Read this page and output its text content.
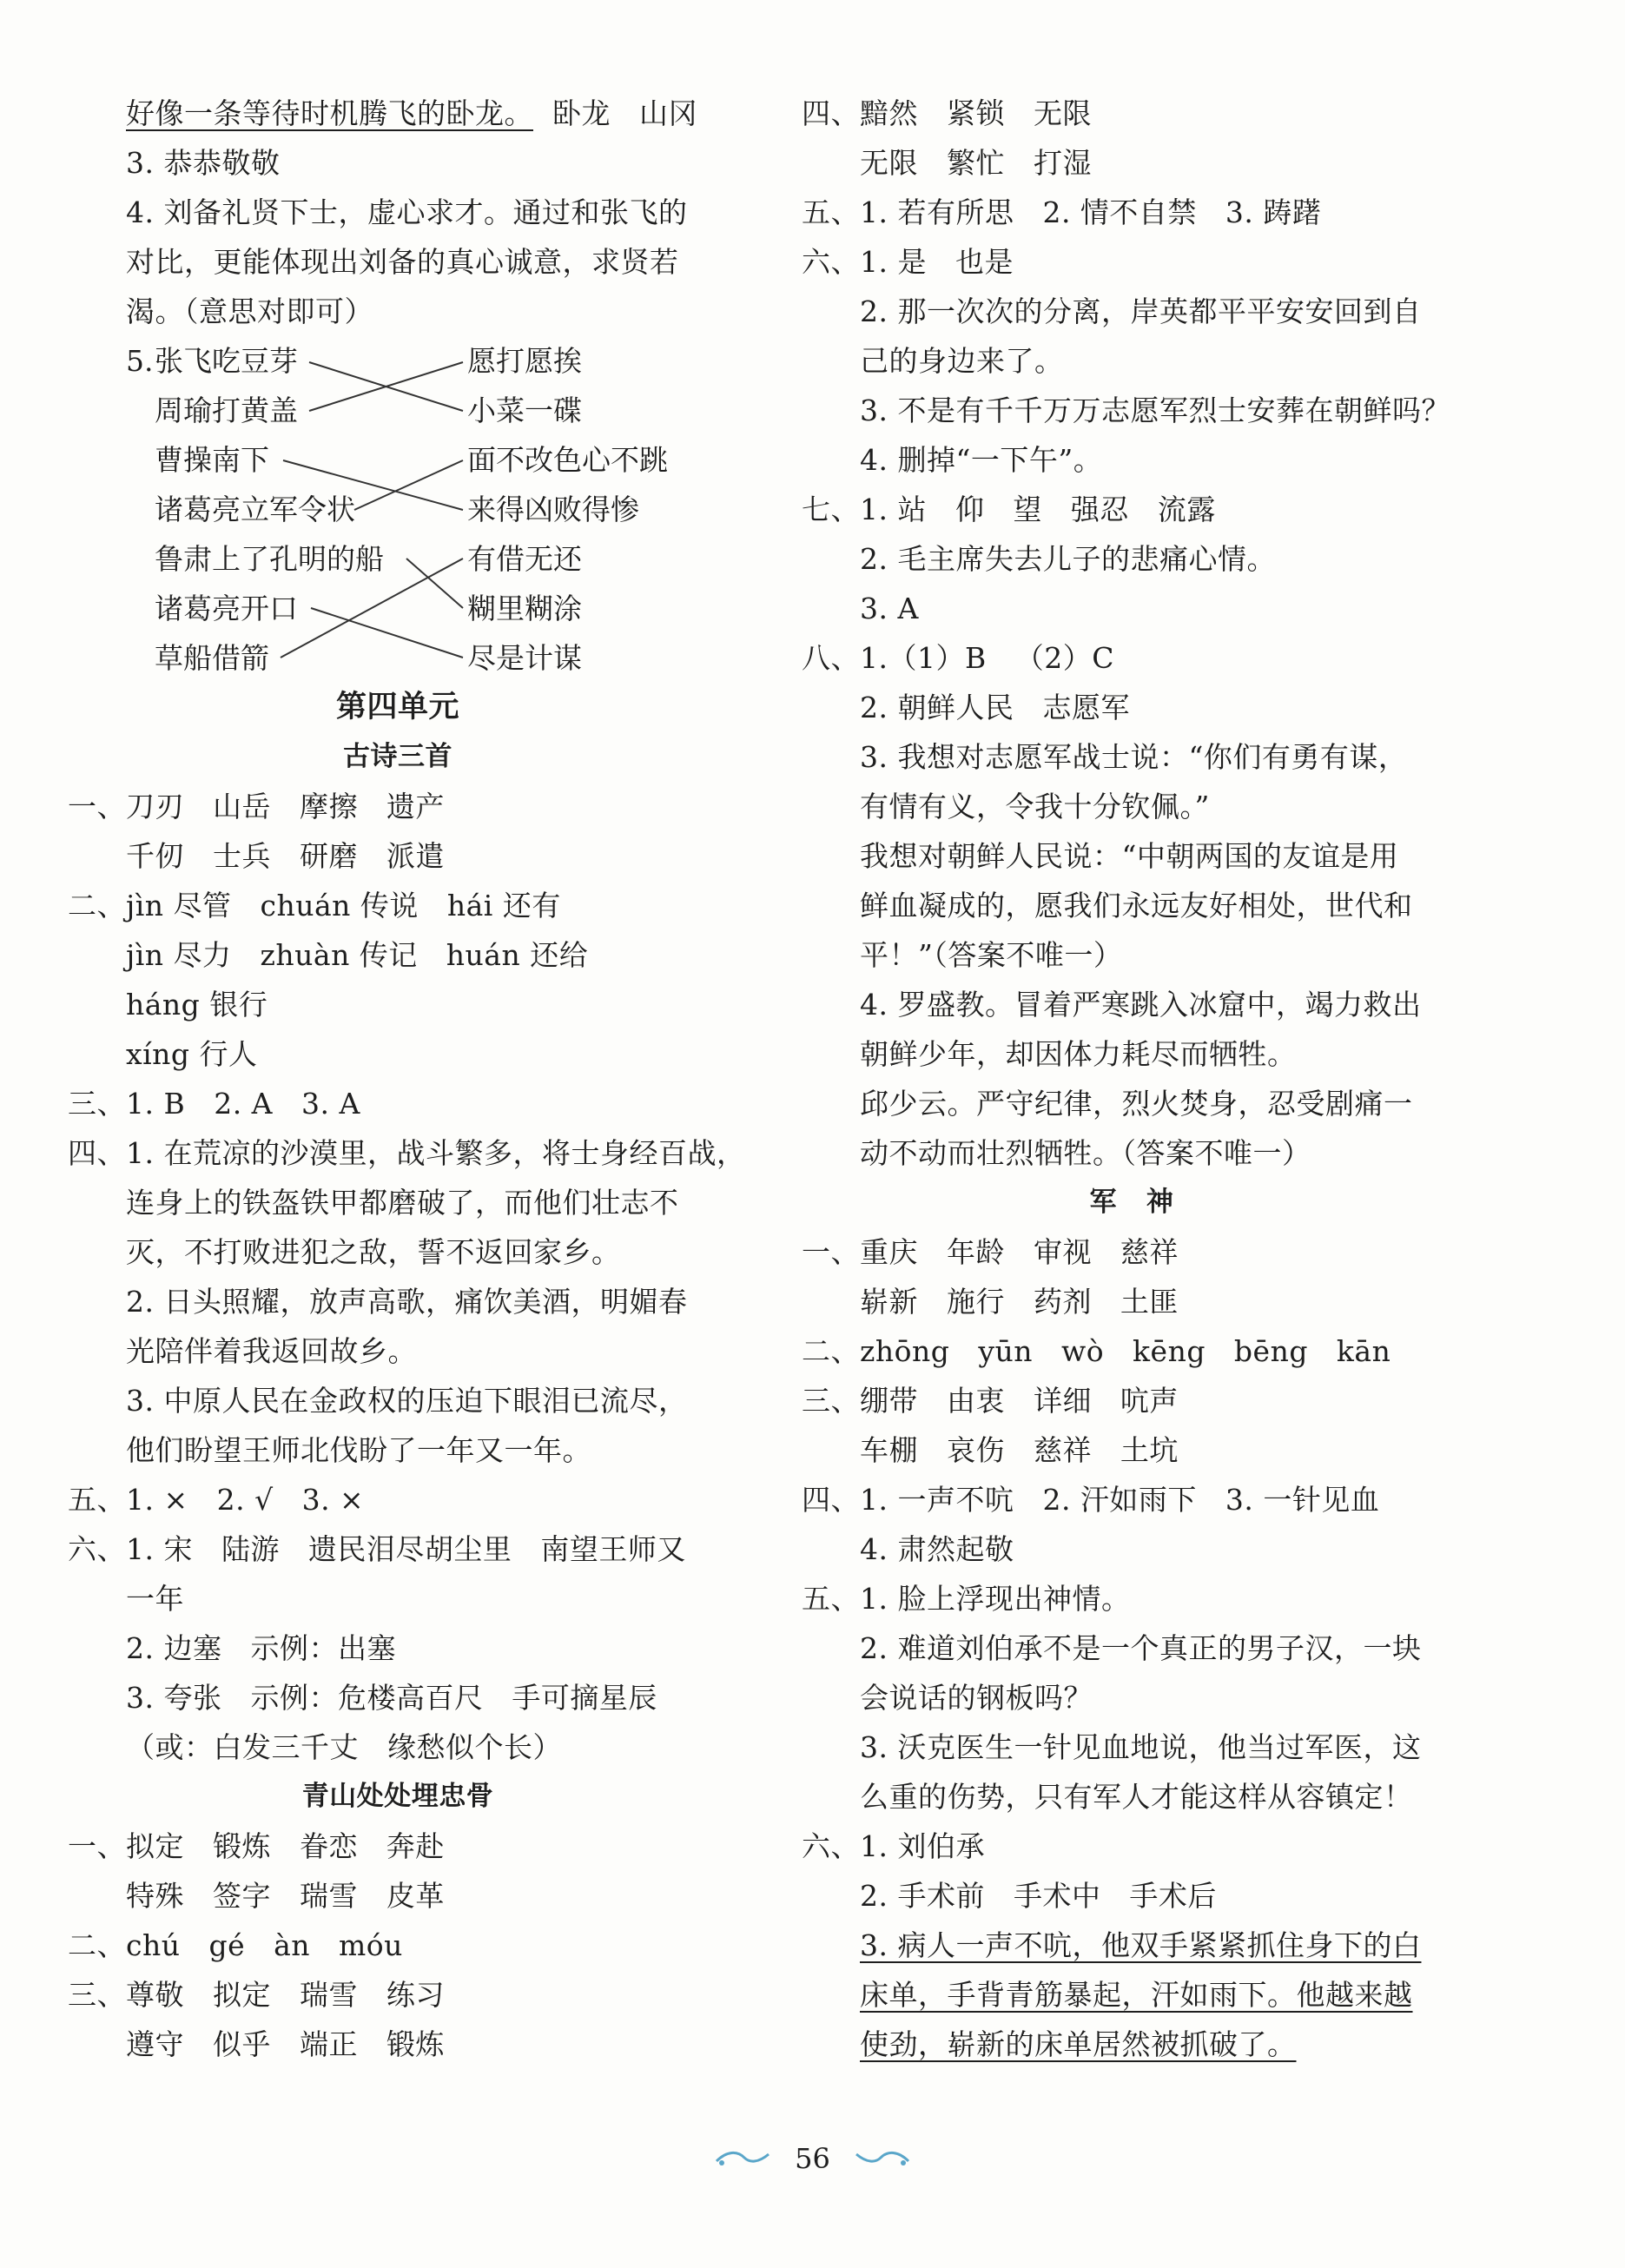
好像一条等待时机腾飞的卧龙。  卧龙   山冈
3. 恭恭敬敬
4. 刘备礼贤下士，虚心求才。通过和张飞的
对比，更能体现出刘备的真心诚意，求贤若
渴。（意思对即可）
5.
张飞吃豆芽
周瑜打黄盖
曹操南下
诸葛亮立军令状
鲁肃上了孔明的船
诸葛亮开口
草船借箭
愿打愿挨
小菜一碟
面不改色心不跳
来得凶败得惨
有借无还
糊里糊涂
尽是计谋
第四单元
古诗三首
一、刀刃   山岳   摩擦   遗产
千仞   士兵   研磨   派遣
二、jìn 尽管   chuán 传说   hái 还有
jìn 尽力   zhuàn 传记   huán 还给
háng 银行
xíng 行人
三、1. B   2. A   3. A
四、1. 在荒凉的沙漠里，战斗繁多，将士身经百战，
连身上的铁盔铁甲都磨破了，而他们壮志不
灭，不打败进犯之敌，誓不返回家乡。
2. 日头照耀，放声高歌，痛饮美酒，明媚春
光陪伴着我返回故乡。
3. 中原人民在金政权的压迫下眼泪已流尽，
他们盼望王师北伐盼了一年又一年。
五、1. ×   2. √   3. ×
六、1. 宋   陆游   遗民泪尽胡尘里   南望王师又
一年
2. 边塞   示例：出塞
3. 夸张   示例：危楼高百尺   手可摘星辰
（或：白发三千丈   缘愁似个长）
青山处处埋忠骨
一、拟定   锻炼   眷恋   奔赴
特殊   签字   瑞雪   皮革
二、chú   gé   àn   móu
三、尊敬   拟定   瑞雪   练习
遵守   似乎   端正   锻炼
四、黯然   紧锁   无限
无限   繁忙   打湿
五、1. 若有所思   2. 情不自禁   3. 踌躇
六、1. 是   也是
2. 那一次次的分离，岸英都平平安安回到自
己的身边来了。
3. 不是有千千万万志愿军烈士安葬在朝鲜吗？
4. 删掉“一下午”。
七、1. 站   仰   望   强忍   流露
2. 毛主席失去儿子的悲痛心情。
3. A
八、1.（1）B   （2）C
2. 朝鲜人民   志愿军
3. 我想对志愿军战士说：“你们有勇有谋，
有情有义，令我十分钦佩。”
我想对朝鲜人民说：“中朝两国的友谊是用
鲜血凝成的，愿我们永远友好相处，世代和
平！”（答案不唯一）
4. 罗盛教。冒着严寒跳入冰窟中，竭力救出
朝鲜少年，却因体力耗尽而牺牲。
邱少云。严守纪律，烈火焚身，忍受剧痛一
动不动而壮烈牺牲。（答案不唯一）
军   神
一、重庆   年龄   审视   慈祥
崭新   施行   药剂   土匪
二、zhōng   yūn   wò   kēng   bēng   kān
三、绷带   由衷   详细   吭声
车棚   哀伤   慈祥   土坑
四、1. 一声不吭   2. 汗如雨下   3. 一针见血
4. 肃然起敬
五、1. 脸上浮现出神情。
2. 难道刘伯承不是一个真正的男子汉，一块
会说话的钢板吗？
3. 沃克医生一针见血地说，他当过军医，这
么重的伤势，只有军人才能这样从容镇定！
六、1. 刘伯承
2. 手术前   手术中   手术后
3. 病人一声不吭，他双手紧紧抓住身下的白
床单，手背青筋暴起，汗如雨下。他越来越
使劲，崭新的床单居然被抓破了。
56
